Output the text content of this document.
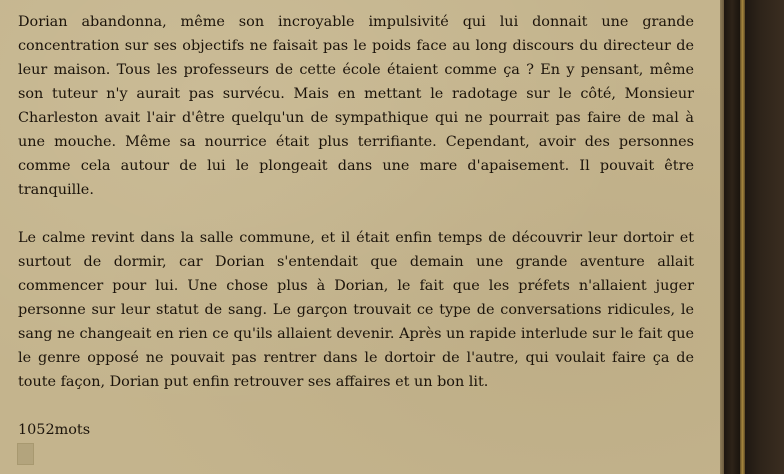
Dorian abandonna, même son incroyable impulsivité qui lui donnait une grande concentration sur ses objectifs ne faisait pas le poids face au long discours du directeur de leur maison. Tous les professeurs de cette école étaient comme ça ? En y pensant, même son tuteur n'y aurait pas survécu. Mais en mettant le radotage sur le côté, Monsieur Charleston avait l'air d'être quelqu'un de sympathique qui ne pourrait pas faire de mal à une mouche. Même sa nourrice était plus terrifiante. Cependant, avoir des personnes comme cela autour de lui le plongeait dans une mare d'apaisement. Il pouvait être tranquille.

Le calme revint dans la salle commune, et il était enfin temps de découvrir leur dortoir et surtout de dormir, car Dorian s'entendait que demain une grande aventure allait commencer pour lui. Une chose plus à Dorian, le fait que les préfets n'allaient juger personne sur leur statut de sang. Le garçon trouvait ce type de conversations ridicules, le sang ne changeait en rien ce qu'ils allaient devenir. Après un rapide interlude sur le fait que le genre opposé ne pouvait pas rentrer dans le dortoir de l'autre, qui voulait faire ça de toute façon, Dorian put enfin retrouver ses affaires et un bon lit.

1052mots
